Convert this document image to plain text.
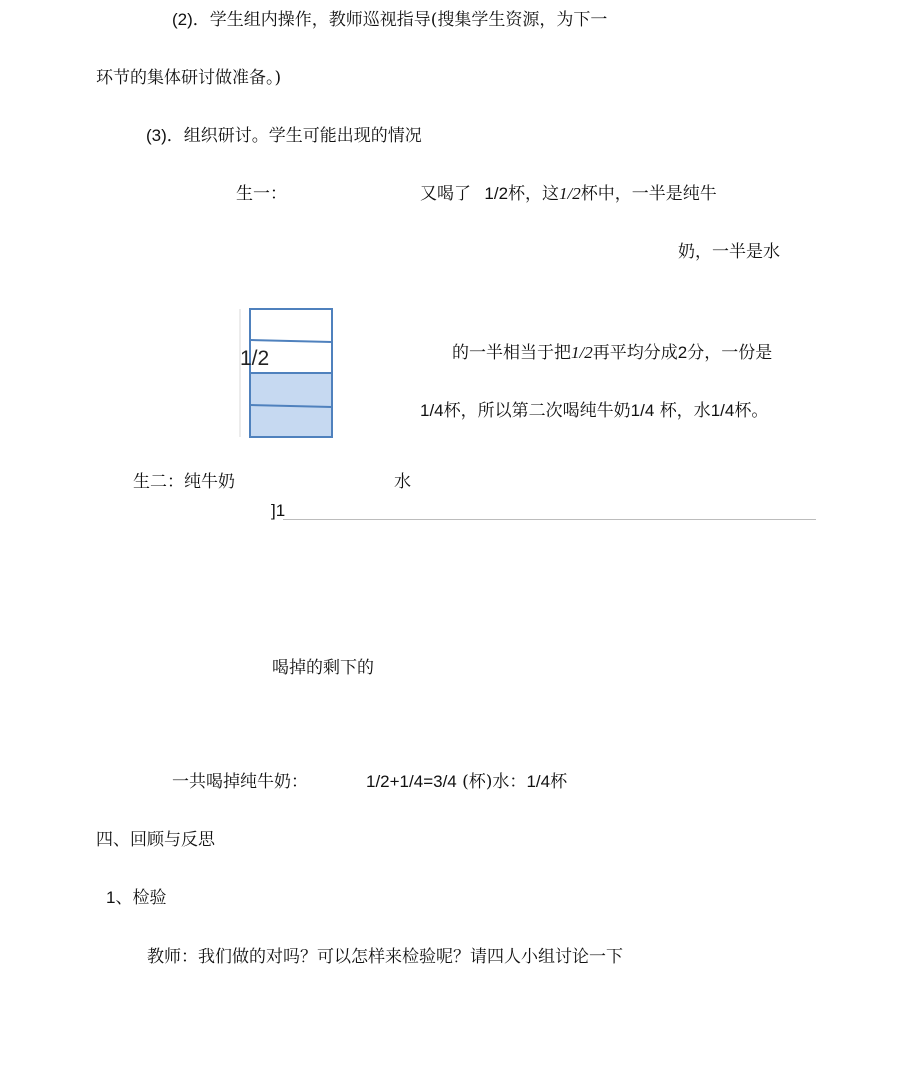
(2)．学生组内操作，教师巡视指导(搜集学生资源，为下一
环节的集体研讨做准备。)
(3)．组织研讨。学生可能出现的情况
生一：	又喝了 1/2杯，这1/2杯中，一半是纯牛
奶，一半是水
1/2	的一半相当于把1/2再平均分成2分，一份是
1/4杯，所以第二次喝纯牛奶1/4 杯，水1/4杯。
生二：纯牛奶	水
]1
喝掉的剩下的
一共喝掉纯牛奶：	1/2+1/4=3/4 (杯)水：1/4杯
四、回顾与反思
1、检验
教师：我们做的对吗？可以怎样来检验呢？请四人小组讨论一下
